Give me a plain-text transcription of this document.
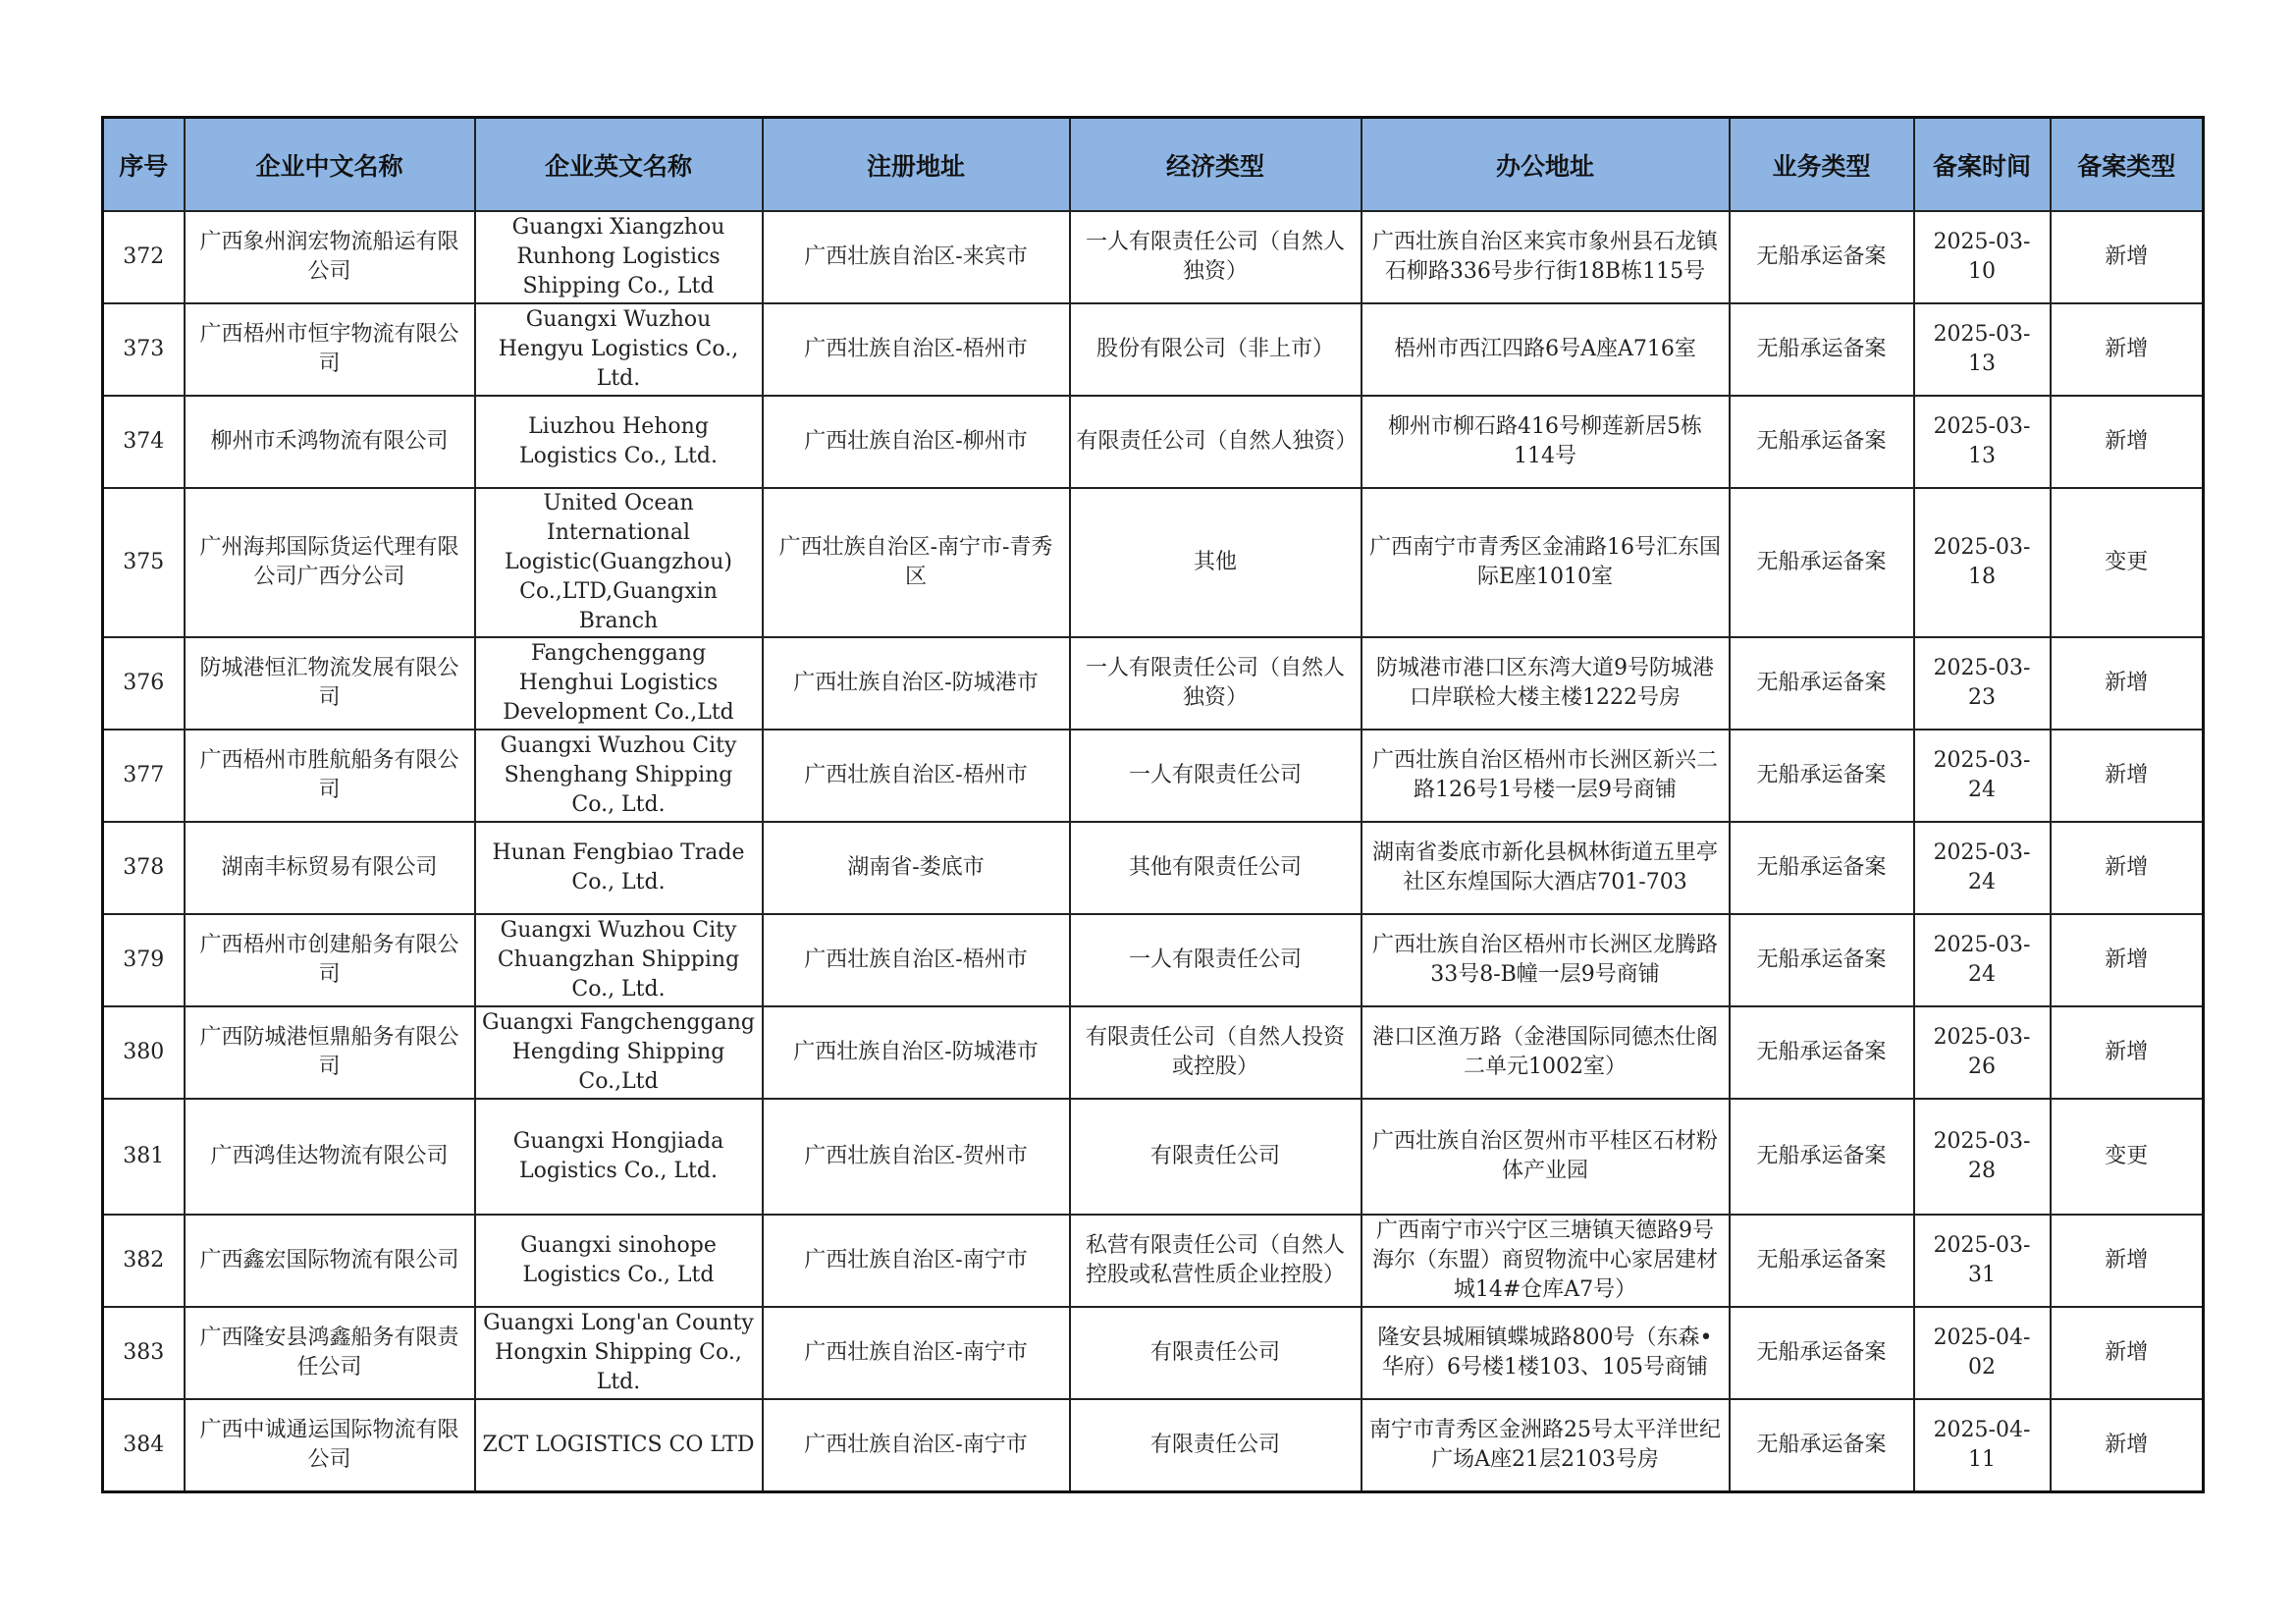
序号	企业中文名称	企业英文名称	注册地址	经济类型	办公地址	业务类型	备案时间	备案类型
372	广西象州润宏物流船运有限公司	Guangxi Xiangzhou Runhong Logistics Shipping Co., Ltd	广西壮族自治区-来宾市	一人有限责任公司（自然人独资）	广西壮族自治区来宾市象州县石龙镇石柳路336号步行街18B栋115号	无船承运备案	2025-03-10	新增
373	广西梧州市恒宇物流有限公司	Guangxi Wuzhou Hengyu Logistics Co., Ltd.	广西壮族自治区-梧州市	股份有限公司（非上市）	梧州市西江四路6号A座A716室	无船承运备案	2025-03-13	新增
374	柳州市禾鸿物流有限公司	Liuzhou Hehong Logistics Co., Ltd.	广西壮族自治区-柳州市	有限责任公司（自然人独资）	柳州市柳石路416号柳莲新居5栋114号	无船承运备案	2025-03-13	新增
375	广州海邦国际货运代理有限公司广西分公司	United Ocean International Logistic(Guangzhou) Co.,LTD,Guangxin Branch	广西壮族自治区-南宁市-青秀区	其他	广西南宁市青秀区金浦路16号汇东国际E座1010室	无船承运备案	2025-03-18	变更
376	防城港恒汇物流发展有限公司	Fangchenggang Henghui Logistics Development Co.,Ltd	广西壮族自治区-防城港市	一人有限责任公司（自然人独资）	防城港市港口区东湾大道9号防城港口岸联检大楼主楼1222号房	无船承运备案	2025-03-23	新增
377	广西梧州市胜航船务有限公司	Guangxi Wuzhou City Shenghang Shipping Co., Ltd.	广西壮族自治区-梧州市	一人有限责任公司	广西壮族自治区梧州市长洲区新兴二路126号1号楼一层9号商铺	无船承运备案	2025-03-24	新增
378	湖南丰标贸易有限公司	Hunan Fengbiao Trade Co., Ltd.	湖南省-娄底市	其他有限责任公司	湖南省娄底市新化县枫林街道五里亭社区东煌国际大酒店701-703	无船承运备案	2025-03-24	新增
379	广西梧州市创建船务有限公司	Guangxi Wuzhou City Chuangzhan Shipping Co., Ltd.	广西壮族自治区-梧州市	一人有限责任公司	广西壮族自治区梧州市长洲区龙腾路33号8-B幢一层9号商铺	无船承运备案	2025-03-24	新增
380	广西防城港恒鼎船务有限公司	Guangxi Fangchenggang Hengding Shipping Co.,Ltd	广西壮族自治区-防城港市	有限责任公司（自然人投资或控股）	港口区渔万路（金港国际同德杰仕阁二单元1002室）	无船承运备案	2025-03-26	新增
381	广西鸿佳达物流有限公司	Guangxi Hongjiada Logistics Co., Ltd.	广西壮族自治区-贺州市	有限责任公司	广西壮族自治区贺州市平桂区石材粉体产业园	无船承运备案	2025-03-28	变更
382	广西鑫宏国际物流有限公司	Guangxi sinohope Logistics Co., Ltd	广西壮族自治区-南宁市	私营有限责任公司（自然人控股或私营性质企业控股）	广西南宁市兴宁区三塘镇天德路9号海尔（东盟）商贸物流中心家居建材城14#仓库A7号）	无船承运备案	2025-03-31	新增
383	广西隆安县鸿鑫船务有限责任公司	Guangxi Long'an County Hongxin Shipping Co., Ltd.	广西壮族自治区-南宁市	有限责任公司	隆安县城厢镇蝶城路800号（东森•华府）6号楼1楼103、105号商铺	无船承运备案	2025-04-02	新增
384	广西中诚通运国际物流有限公司	ZCT LOGISTICS CO LTD	广西壮族自治区-南宁市	有限责任公司	南宁市青秀区金洲路25号太平洋世纪广场A座21层2103号房	无船承运备案	2025-04-11	新增
